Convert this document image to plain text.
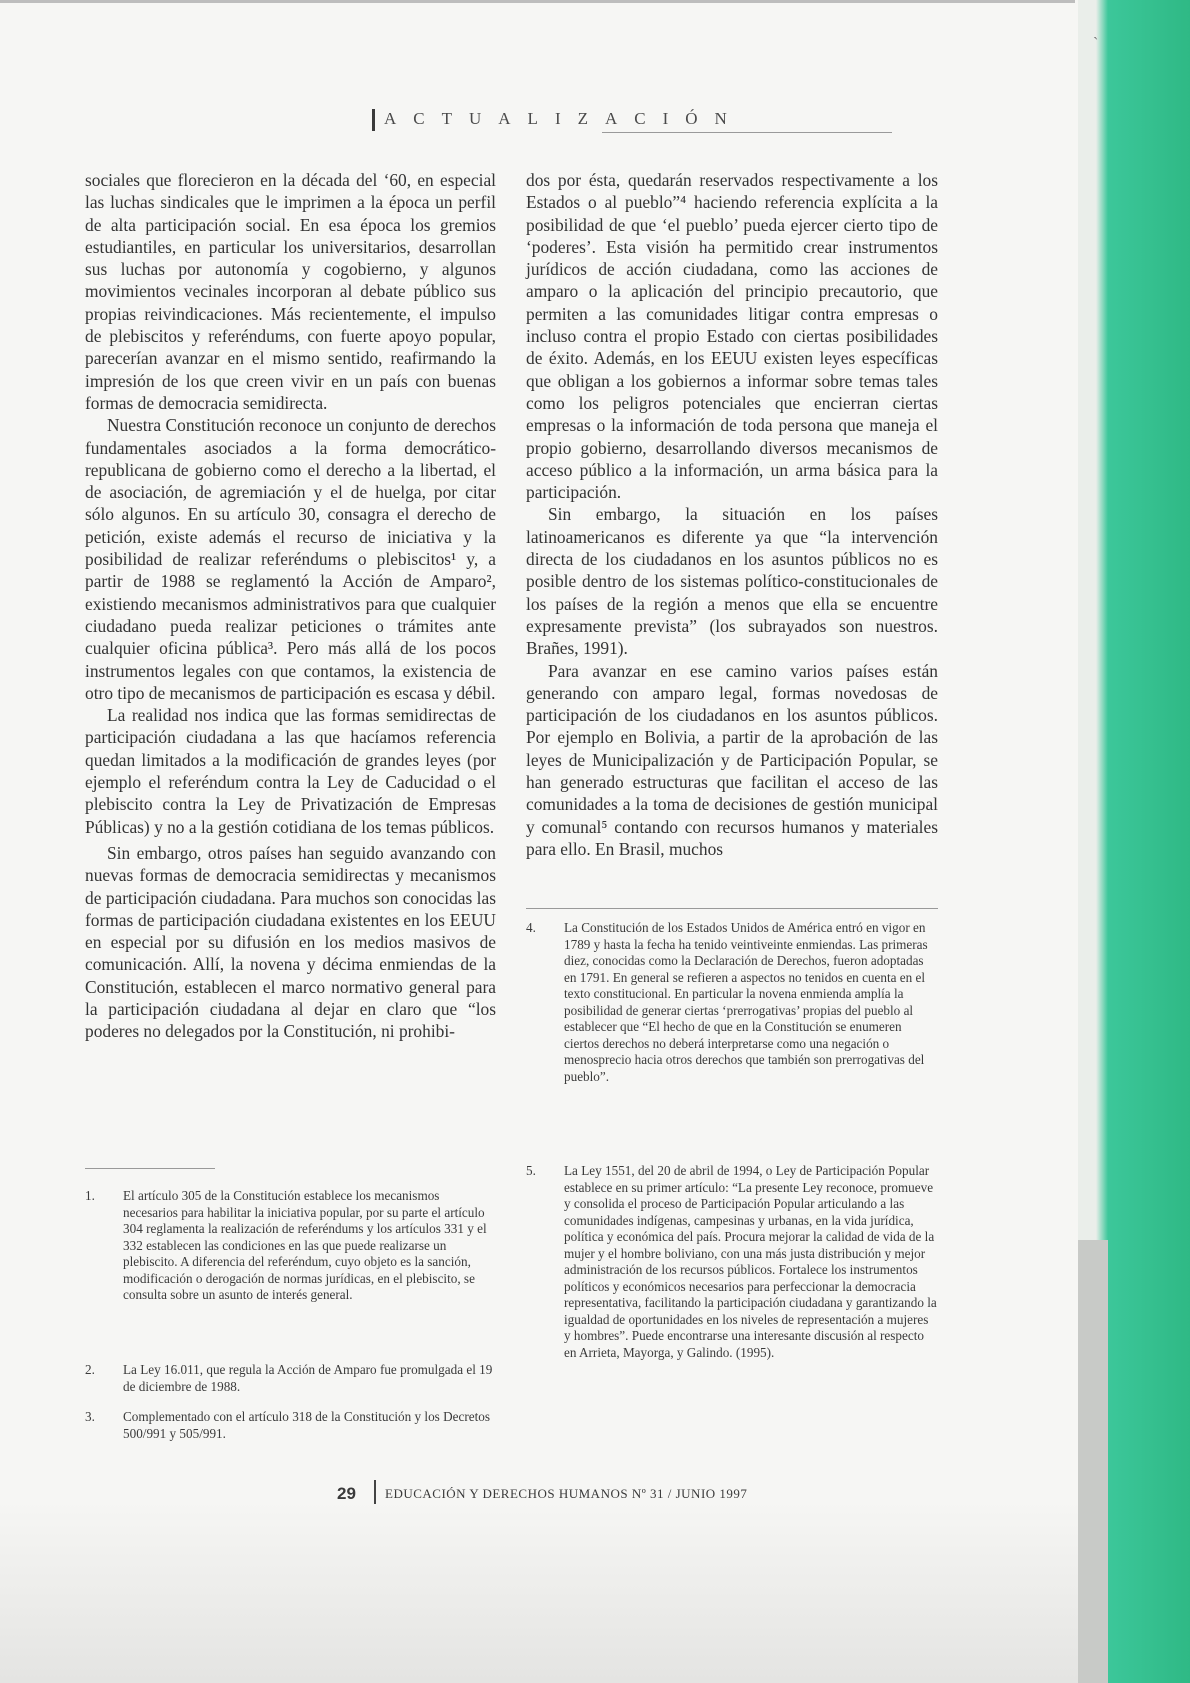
ˋ
ACTUALIZACIÓN

sociales que florecieron en la década del ‘60, en especial las luchas sindicales que le imprimen a la época un perfil de alta participación social. En esa época los gremios estudiantiles, en particular los universitarios, desarrollan sus luchas por autonomía y cogobierno, y algunos movimientos vecinales incorporan al debate público sus propias reivindicaciones. Más recientemente, el impulso de plebiscitos y referéndums, con fuerte apoyo popular, parecerían avanzar en el mismo sentido, reafirmando la impresión de los que creen vivir en un país con buenas formas de democracia semidirecta.

Nuestra Constitución reconoce un conjunto de derechos fundamentales asociados a la forma democrático-republicana de gobierno como el derecho a la libertad, el de asociación, de agremiación y el de huelga, por citar sólo algunos. En su artículo 30, consagra el derecho de petición, existe además el recurso de iniciativa y la posibilidad de realizar referéndums o plebiscitos¹ y, a partir de 1988 se reglamentó la Acción de Amparo², existiendo mecanismos administrativos para que cualquier ciudadano pueda realizar peticiones o trámites ante cualquier oficina pública³. Pero más allá de los pocos instrumentos legales con que contamos, la existencia de otro tipo de mecanismos de participación es escasa y débil.

La realidad nos indica que las formas semidirectas de participación ciudadana a las que hacíamos referencia quedan limitados a la modificación de grandes leyes (por ejemplo el referéndum contra la Ley de Caducidad o el plebiscito contra la Ley de Privatización de Empresas Públicas) y no a la gestión cotidiana de los temas públicos.

Sin embargo, otros países han seguido avanzando con nuevas formas de democracia semidirectas y mecanismos de participación ciudadana. Para muchos son conocidas las formas de participación ciudadana existentes en los EEUU en especial por su difusión en los medios masivos de comunicación. Allí, la novena y décima enmiendas de la Constitución, establecen el marco normativo general para la participación ciudadana al dejar en claro que “los poderes no delegados por la Constitución, ni prohibi-

dos por ésta, quedarán reservados respectivamente a los Estados o al pueblo”⁴ haciendo referencia explícita a la posibilidad de que ‘el pueblo’ pueda ejercer cierto tipo de ‘poderes’. Esta visión ha permitido crear instrumentos jurídicos de acción ciudadana, como las acciones de amparo o la aplicación del principio precautorio, que permiten a las comunidades litigar contra empresas o incluso contra el propio Estado con ciertas posibilidades de éxito. Además, en los EEUU existen leyes específicas que obligan a los gobiernos a informar sobre temas tales como los peligros potenciales que encierran ciertas empresas o la información de toda persona que maneja el propio gobierno, desarrollando diversos mecanismos de acceso público a la información, un arma básica para la participación.

Sin embargo, la situación en los países latinoamericanos es diferente ya que “la intervención directa de los ciudadanos en los asuntos públicos no es posible dentro de los sistemas político-constitucionales de los países de la región a menos que ella se encuentre expresamente prevista” (los subrayados son nuestros. Brañes, 1991).

Para avanzar en ese camino varios países están generando con amparo legal, formas novedosas de participación de los ciudadanos en los asuntos públicos. Por ejemplo en Bolivia, a partir de la aprobación de las leyes de Municipalización y de Participación Popular, se han generado estructuras que facilitan el acceso de las comunidades a la toma de decisiones de gestión municipal y comunal⁵ contando con recursos humanos y materiales para ello. En Brasil, muchos

1. El artículo 305 de la Constitución establece los mecanismos necesarios para habilitar la iniciativa popular, por su parte el artículo 304 reglamenta la realización de referéndums y los artículos 331 y el 332 establecen las condiciones en las que puede realizarse un plebiscito. A diferencia del referéndum, cuyo objeto es la sanción, modificación o derogación de normas jurídicas, en el plebiscito, se consulta sobre un asunto de interés general.
2. La Ley 16.011, que regula la Acción de Amparo fue promulgada el 19 de diciembre de 1988.
3. Complementado con el artículo 318 de la Constitución y los Decretos 500/991 y 505/991.
4. La Constitución de los Estados Unidos de América entró en vigor en 1789 y hasta la fecha ha tenido veintiveinte enmiendas. Las primeras diez, conocidas como la Declaración de Derechos, fueron adoptadas en 1791. En general se refieren a aspectos no tenidos en cuenta en el texto constitucional. En particular la novena enmienda amplía la posibilidad de generar ciertas ‘prerrogativas’ propias del pueblo al establecer que “El hecho de que en la Constitución se enumeren ciertos derechos no deberá interpretarse como una negación o menosprecio hacia otros derechos que también son prerrogativas del pueblo”.
5. La Ley 1551, del 20 de abril de 1994, o Ley de Participación Popular establece en su primer artículo: “La presente Ley reconoce, promueve y consolida el proceso de Participación Popular articulando a las comunidades indígenas, campesinas y urbanas, en la vida jurídica, política y económica del país. Procura mejorar la calidad de vida de la mujer y el hombre boliviano, con una más justa distribución y mejor administración de los recursos públicos. Fortalece los instrumentos políticos y económicos necesarios para perfeccionar la democracia representativa, facilitando la participación ciudadana y garantizando la igualdad de oportunidades en los niveles de representación a mujeres y hombres”. Puede encontrarse una interesante discusión al respecto en Arrieta, Mayorga, y Galindo. (1995).
29 EDUCACIÓN Y DERECHOS HUMANOS Nº 31 / JUNIO 1997
